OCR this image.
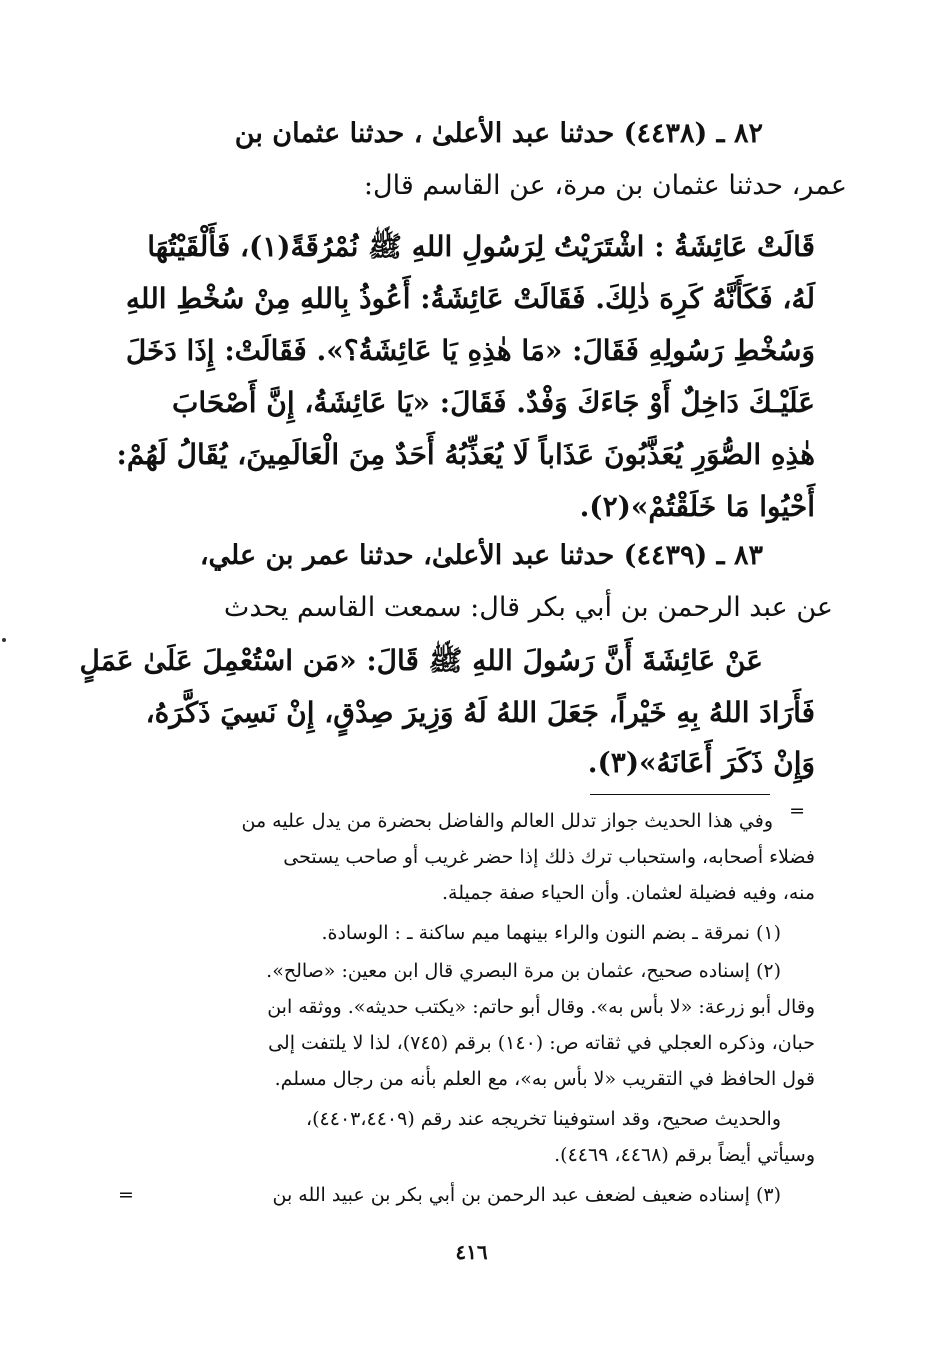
٨٢ ـ (٤٤٣٨) حدثنا عبد الأعلىٰ ، حدثنا عثمان بن
عمر، حدثنا عثمان بن مرة، عن القاسم قال:
قَالَتْ عَائِشَةُ : اشْتَرَيْتُ لِرَسُولِ اللهِ ﷺ نُمْرُقَةً(١)، فَأَلْقَيْتُهَا
لَهُ، فَكَأَنَّهُ كَرِهَ ذٰلِكَ. فَقَالَتْ عَائِشَةُ: أَعُوذُ بِاللهِ مِنْ سُخْطِ اللهِ
وَسُخْطِ رَسُولِهِ فَقَالَ: «مَا هٰذِهِ يَا عَائِشَةُ؟». فَقَالَتْ: إِذَا دَخَلَ
عَلَيْـكَ دَاخِلٌ أَوْ جَاءَكَ وَفْدٌ. فَقَالَ: «يَا عَائِشَةُ، إِنَّ أَصْحَابَ
هٰذِهِ الصُّوَرِ يُعَذَّبُونَ عَذَاباً لَا يُعَذِّبُهُ أَحَدٌ مِنَ الْعَالَمِينَ، يُقَالُ لَهُمْ:
أَحْيُوا مَا خَلَقْتُمْ»(٢).
٨٣ ـ (٤٤٣٩) حدثنا عبد الأعلىٰ، حدثنا عمر بن علي،
عن عبد الرحمن بن أبي بكر قال: سمعت القاسم يحدث
عَنْ عَائِشَةَ أَنَّ رَسُولَ اللهِ ﷺ قَالَ: «مَن اسْتُعْمِلَ عَلَىٰ عَمَلٍ
فَأَرَادَ اللهُ بِهِ خَيْراً، جَعَلَ اللهُ لَهُ وَزِيرَ صِدْقٍ، إِنْ نَسِيَ ذَكَّرَهُ،
وَإِنْ ذَكَرَ أَعَانَهُ»(٣).
=
وفي هذا الحديث جواز تدلل العالم والفاضل بحضرة من يدل عليه من
فضلاء أصحابه، واستحباب ترك ذلك إذا حضر غريب أو صاحب يستحى
منه، وفيه فضيلة لعثمان. وأن الحياء صفة جميلة.
(١) نمرقة ـ بضم النون والراء بينهما ميم ساكنة ـ : الوسادة.
(٢) إسناده صحيح، عثمان بن مرة البصري قال ابن معين: «صالح».
وقال أبو زرعة: «لا بأس به». وقال أبو حاتم: «يكتب حديثه». ووثقه ابن
حبان، وذكره العجلي في ثقاته ص: (١٤٠) برقم (٧٤٥)، لذا لا يلتفت إلى
قول الحافظ في التقريب «لا بأس به»، مع العلم بأنه من رجال مسلم.
والحديث صحيح، وقد استوفينا تخريجه عند رقم (٤٤٠٣،٤٤٠٩)،
وسيأتي أيضاً برقم (٤٤٦٨، ٤٤٦٩).
(٣) إسناده ضعيف لضعف عبد الرحمن بن أبي بكر بن عبيد الله بن
=
٤١٦
